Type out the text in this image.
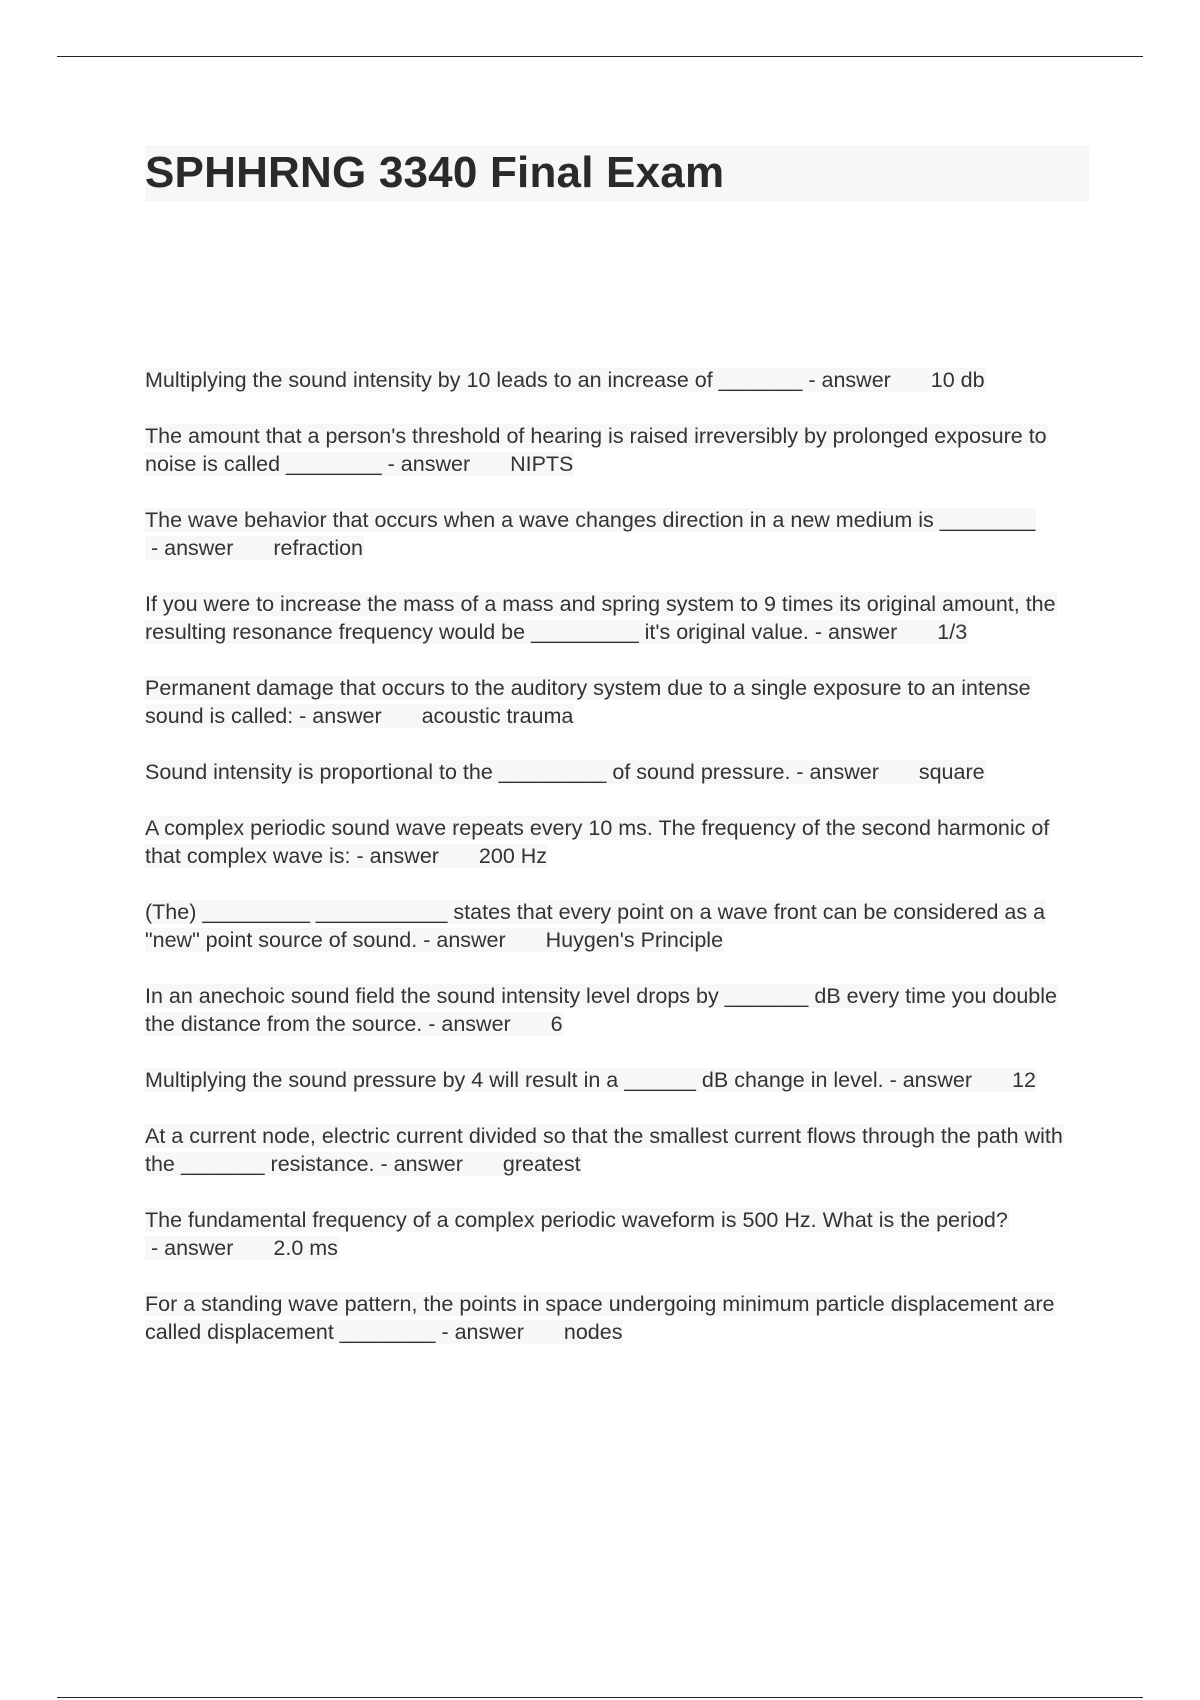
SPHHRNG 3340 Final Exam

Multiplying the sound intensity by 10 leads to an increase of _______ - answer 10 db

The amount that a person's threshold of hearing is raised irreversibly by prolonged exposure to noise is called ________ - answer NIPTS

The wave behavior that occurs when a wave changes direction in a new medium is ________ - answer refraction

If you were to increase the mass of a mass and spring system to 9 times its original amount, the resulting resonance frequency would be _________ it's original value. - answer 1/3

Permanent damage that occurs to the auditory system due to a single exposure to an intense sound is called: - answer acoustic trauma

Sound intensity is proportional to the _________ of sound pressure. - answer square

A complex periodic sound wave repeats every 10 ms. The frequency of the second harmonic of that complex wave is: - answer 200 Hz

(The) _________ ___________ states that every point on a wave front can be considered as a "new" point source of sound. - answer Huygen's Principle

In an anechoic sound field the sound intensity level drops by _______ dB every time you double the distance from the source. - answer 6

Multiplying the sound pressure by 4 will result in a ______ dB change in level. - answer 12

At a current node, electric current divided so that the smallest current flows through the path with the _______ resistance. - answer greatest

The fundamental frequency of a complex periodic waveform is 500 Hz. What is the period? - answer 2.0 ms

For a standing wave pattern, the points in space undergoing minimum particle displacement are called displacement ________ - answer nodes
